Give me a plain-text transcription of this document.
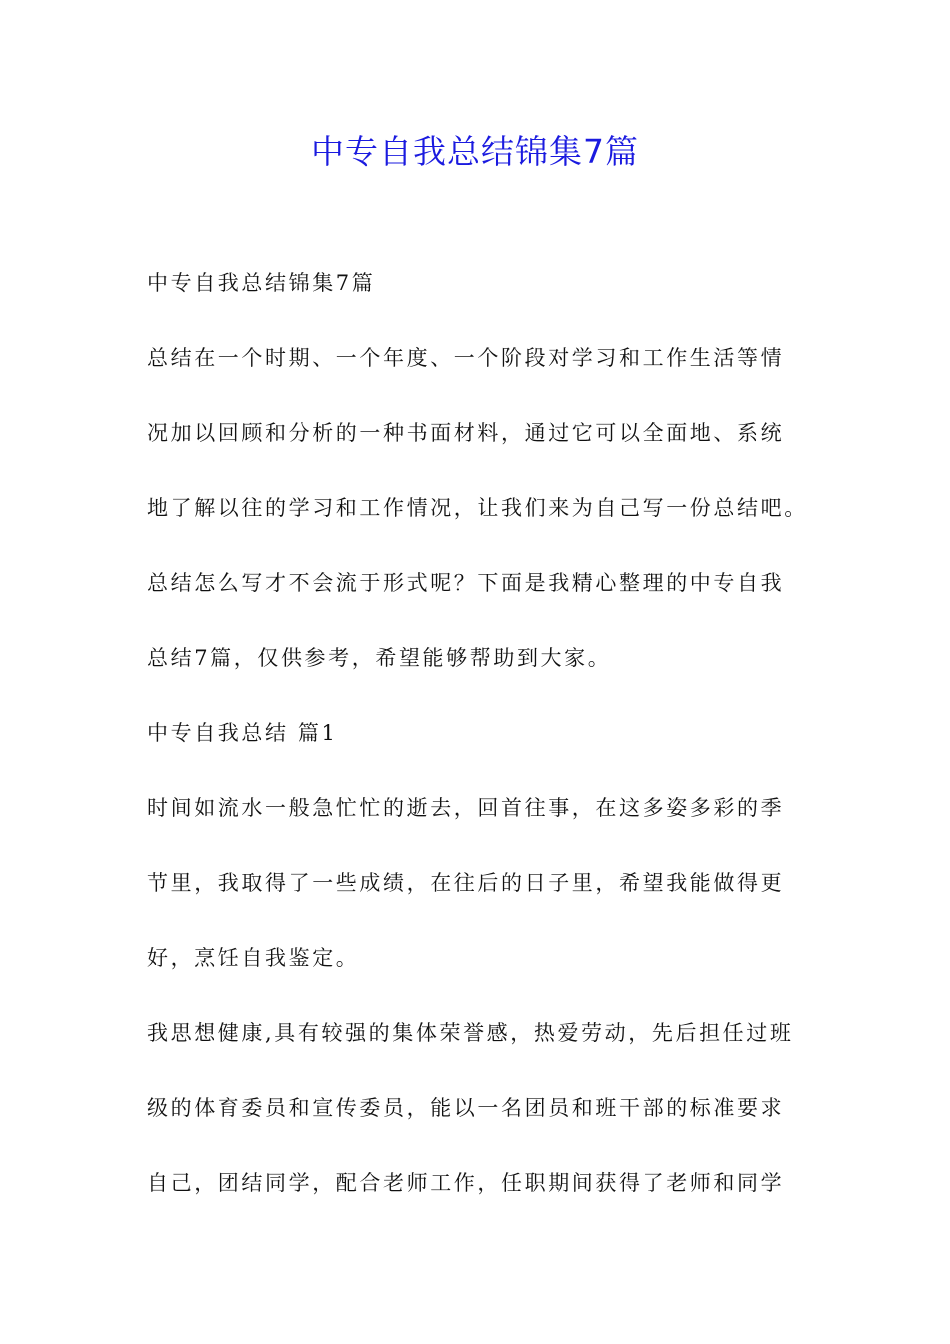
中专自我总结锦集7篇

中专自我总结锦集7篇

总结在一个时期、一个年度、一个阶段对学习和工作生活等情

况加以回顾和分析的一种书面材料，通过它可以全面地、系统

地了解以往的学习和工作情况，让我们来为自己写一份总结吧。

总结怎么写才不会流于形式呢？下面是我精心整理的中专自我

总结7篇，仅供参考，希望能够帮助到大家。

中专自我总结 篇1

时间如流水一般急忙忙的逝去，回首往事，在这多姿多彩的季

节里，我取得了一些成绩，在往后的日子里，希望我能做得更

好，烹饪自我鉴定。

我思想健康,具有较强的集体荣誉感，热爱劳动，先后担任过班

级的体育委员和宣传委员，能以一名团员和班干部的标准要求

自己，团结同学，配合老师工作，任职期间获得了老师和同学
